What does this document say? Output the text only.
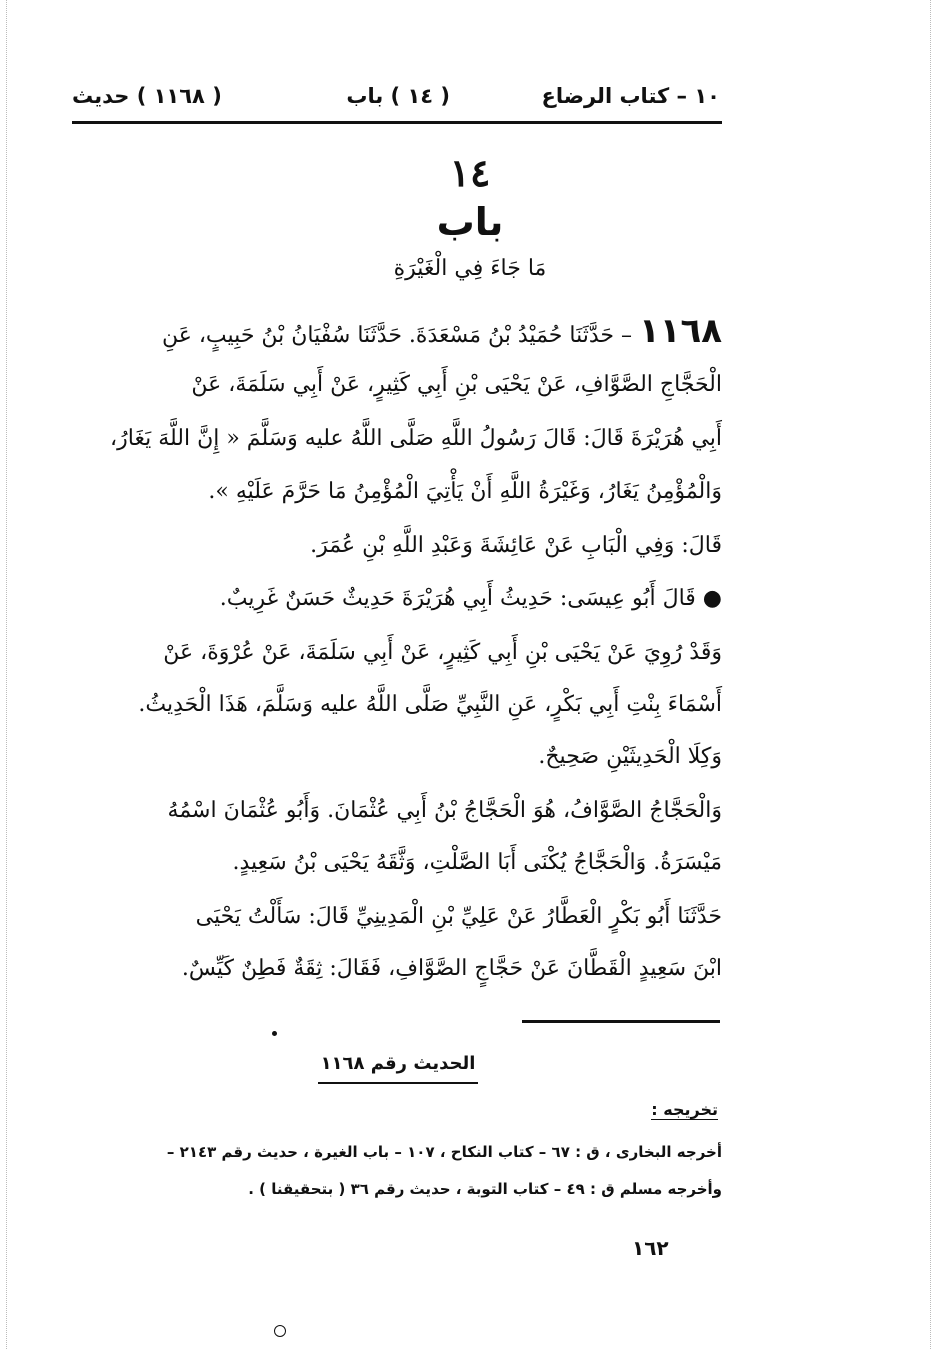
١٠ – كتاب الرضاع
( ١٤ ) باب
( ١١٦٨ ) حديث
١٤
باب
مَا جَاءَ فِي الْغَيْرَةِ
١١٦٨ – حَدَّثَنَا حُمَيْدُ بْنُ مَسْعَدَةَ. حَدَّثَنَا سُفْيَانُ بْنُ حَبِيبٍ، عَنِ
الْحَجَّاجِ الصَّوَّافِ، عَنْ يَحْيَى بْنِ أَبِي كَثِيرٍ، عَنْ أَبِي سَلَمَةَ، عَنْ
أَبِي هُرَيْرَةَ قَالَ: قَالَ رَسُولُ اللَّهِ صَلَّى اللَّهُ عليه وَسَلَّمَ « إِنَّ اللَّهَ يَغَارُ،
وَالْمُؤْمِنُ يَغَارُ، وَغَيْرَةُ اللَّهِ أَنْ يَأْتِيَ الْمُؤْمِنُ مَا حَرَّمَ عَلَيْهِ ».
قَالَ: وَفِي الْبَابِ عَنْ عَائِشَةَ وَعَبْدِ اللَّهِ بْنِ عُمَرَ.
● قَالَ أَبُو عِيسَى: حَدِيثُ أَبِي هُرَيْرَةَ حَدِيثٌ حَسَنٌ غَرِيبٌ.
وَقَدْ رُوِيَ عَنْ يَحْيَى بْنِ أَبِي كَثِيرٍ، عَنْ أَبِي سَلَمَةَ، عَنْ عُرْوَةَ، عَنْ
أَسْمَاءَ بِنْتِ أَبِي بَكْرٍ، عَنِ النَّبِيِّ صَلَّى اللَّهُ عليه وَسَلَّمَ، هَذَا الْحَدِيثُ.
وَكِلَا الْحَدِيثَيْنِ صَحِيحٌ.
وَالْحَجَّاجُ الصَّوَّافُ، هُوَ الْحَجَّاجُ بْنُ أَبِي عُثْمَانَ. وَأَبُو عُثْمَانَ اسْمُهُ
مَيْسَرَةُ. وَالْحَجَّاجُ يُكْنَى أَبَا الصَّلْتِ، وَثَّقَهُ يَحْيَى بْنُ سَعِيدٍ.
حَدَّثَنَا أَبُو بَكْرٍ الْعَطَّارُ عَنْ عَلِيِّ بْنِ الْمَدِينِيِّ قَالَ: سَأَلْتُ يَحْيَى
ابْنَ سَعِيدٍ الْقَطَّانَ عَنْ حَجَّاجٍ الصَّوَّافِ، فَقَالَ: ثِقَةٌ فَطِنٌ كَيِّسٌ.
الحديث رقم ١١٦٨
تخريجه :
أخرجه البخارى ، ق : ٦٧ – كتاب النكاح ، ١٠٧ – باب الغيرة ، حديث رقم ٢١٤٣ –
وأخرجه مسلم ق : ٤٩ – كتاب التوبة ، حديث رقم ٣٦ ( بتحقيقنا ) .
١٦٢
